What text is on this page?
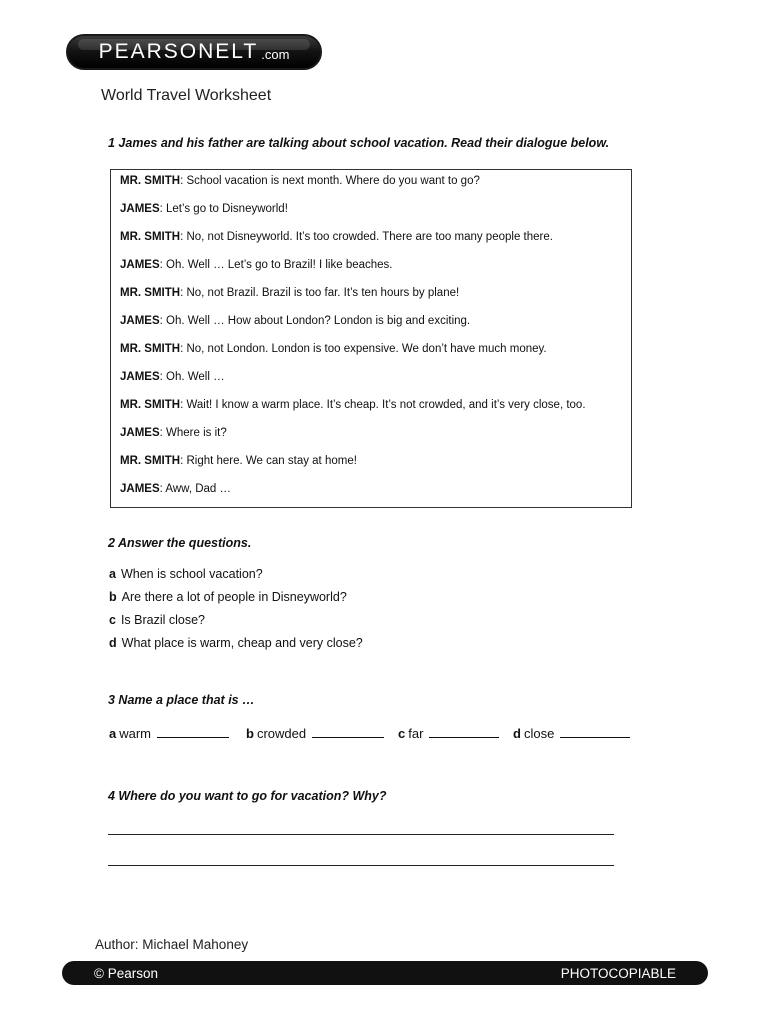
PEARSONELT .com
World Travel Worksheet
1 James and his father are talking about school vacation. Read their dialogue below.
MR. SMITH: School vacation is next month. Where do you want to go?
JAMES: Let’s go to Disneyworld!
MR. SMITH: No, not Disneyworld. It’s too crowded. There are too many people there.
JAMES: Oh. Well … Let’s go to Brazil! I like beaches.
MR. SMITH: No, not Brazil. Brazil is too far. It’s ten hours by plane!
JAMES: Oh. Well … How about London? London is big and exciting.
MR. SMITH: No, not London. London is too expensive. We don’t have much money.
JAMES: Oh. Well …
MR. SMITH: Wait! I know a warm place. It’s cheap. It’s not crowded, and it’s very close, too.
JAMES: Where is it?
MR. SMITH: Right here. We can stay at home!
JAMES: Aww, Dad …
2 Answer the questions.
a When is school vacation?
b Are there a lot of people in Disneyworld?
c Is Brazil close?
d What place is warm, cheap and very close?
3 Name a place that is …
a warm	b crowded	c far	d close
4 Where do you want to go for vacation? Why?
Author: Michael Mahoney
© Pearson	PHOTOCOPIABLE
